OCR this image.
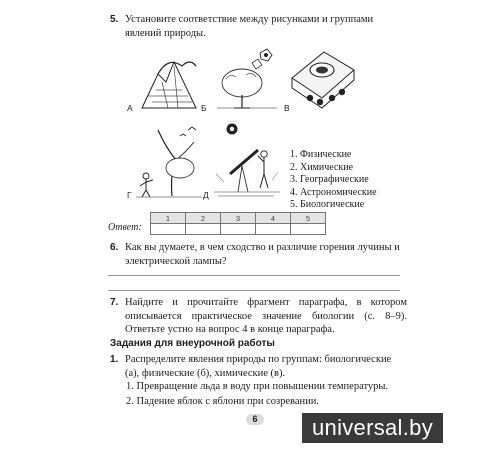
5. Установите соответствие между рисунками и группами явлений природы.
А	Б	В
Г	Д
1. Физические
2. Химические
3. Географические
4. Астрономические
5. Биологические
Ответ:
1	2	3	4	5

6. Как вы думаете, в чем сходство и различие горения лучины и электрической лампы?
7. Найдите и прочитайте фрагмент параграфа, в котором описывается практическое значение биологии (с. 8–9). Ответьте устно на вопрос 4 в конце параграфа.
Задания для внеурочной работы
1. Распределите явления природы по группам: биологические (а), физические (б), химические (в).
1. Превращение льда в воду при повышении температуры.
2. Падение яблок с яблони при созревании.
6	universal.by
